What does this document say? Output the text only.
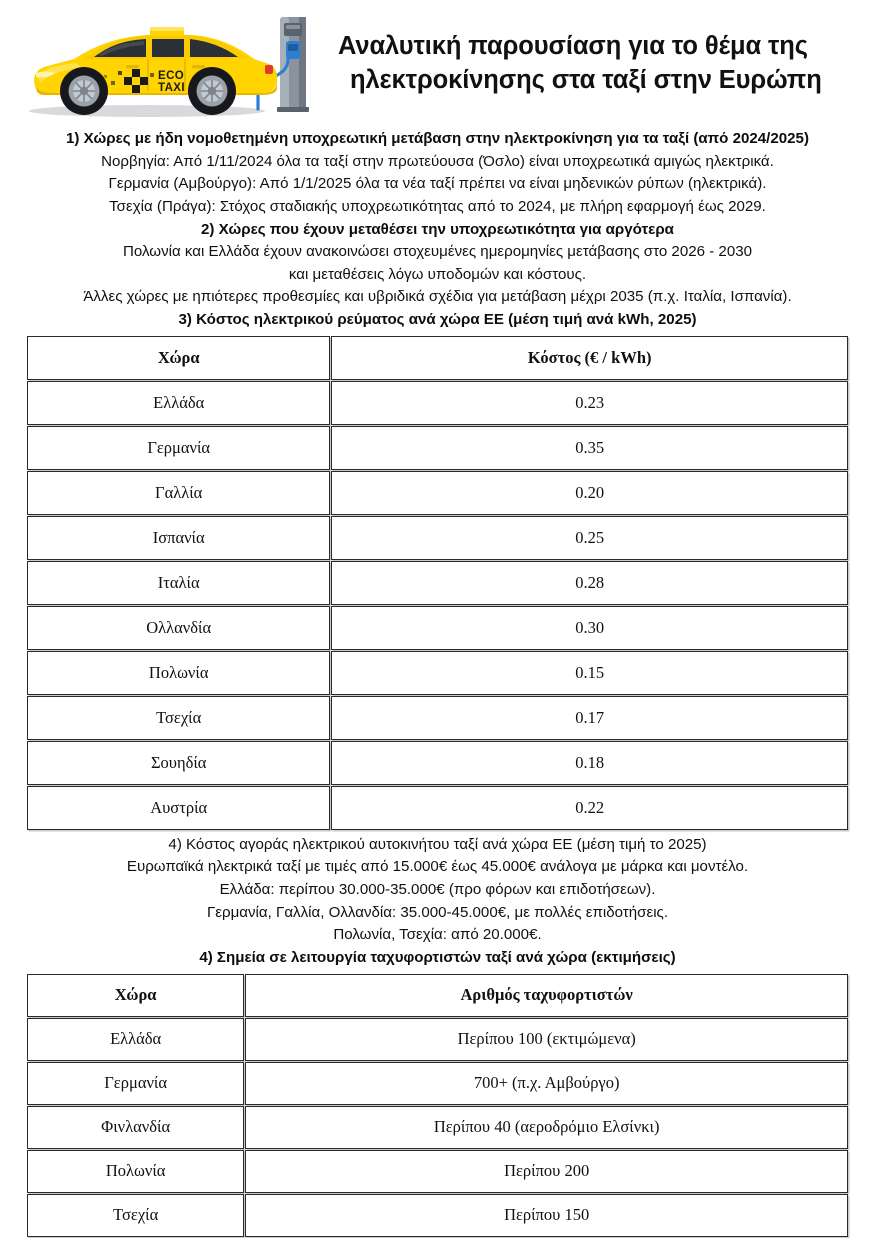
ECO
TAXI
Αναλυτική παρουσίαση για το θέμα της
ηλεκτροκίνησης στα ταξί στην Ευρώπη
1) Χώρες με ήδη νομοθετημένη υποχρεωτική μετάβαση στην ηλεκτροκίνηση για τα ταξί (από 2024/2025)
Νορβηγία: Από 1/11/2024 όλα τα ταξί στην πρωτεύουσα (Όσλο) είναι υποχρεωτικά αμιγώς ηλεκτρικά.
Γερμανία (Αμβούργο): Από 1/1/2025 όλα τα νέα ταξί πρέπει να είναι μηδενικών ρύπων (ηλεκτρικά).
Τσεχία (Πράγα): Στόχος σταδιακής υποχρεωτικότητας από το 2024, με πλήρη εφαρμογή έως 2029.
2) Χώρες που έχουν μεταθέσει την υποχρεωτικότητα για αργότερα
Πολωνία και Ελλάδα έχουν ανακοινώσει στοχευμένες ημερομηνίες μετάβασης στο 2026 - 2030
και μεταθέσεις λόγω υποδομών και κόστους.
Άλλες χώρες με ηπιότερες προθεσμίες και υβριδικά σχέδια για μετάβαση μέχρι 2035 (π.χ. Ιταλία, Ισπανία).
3) Κόστος ηλεκτρικού ρεύματος ανά χώρα ΕΕ (μέση τιμή ανά kWh, 2025)
Χώρα	Κόστος (€ / kWh)
Ελλάδα	0.23
Γερμανία	0.35
Γαλλία	0.20
Ισπανία	0.25
Ιταλία	0.28
Ολλανδία	0.30
Πολωνία	0.15
Τσεχία	0.17
Σουηδία	0.18
Αυστρία	0.22
4) Κόστος αγοράς ηλεκτρικού αυτοκινήτου ταξί ανά χώρα ΕΕ (μέση τιμή το 2025)
Ευρωπαϊκά ηλεκτρικά ταξί με τιμές από 15.000€ έως 45.000€ ανάλογα με μάρκα και μοντέλο.
Ελλάδα: περίπου 30.000-35.000€ (προ φόρων και επιδοτήσεων).
Γερμανία, Γαλλία, Ολλανδία: 35.000-45.000€, με πολλές επιδοτήσεις.
Πολωνία, Τσεχία: από 20.000€.
4) Σημεία σε λειτουργία ταχυφορτιστών ταξί ανά χώρα (εκτιμήσεις)
Χώρα	Αριθμός ταχυφορτιστών
Ελλάδα	Περίπου 100 (εκτιμώμενα)
Γερμανία	700+ (π.χ. Αμβούργο)
Φινλανδία	Περίπου 40 (αεροδρόμιο Ελσίνκι)
Πολωνία	Περίπου 200
Τσεχία	Περίπου 150
